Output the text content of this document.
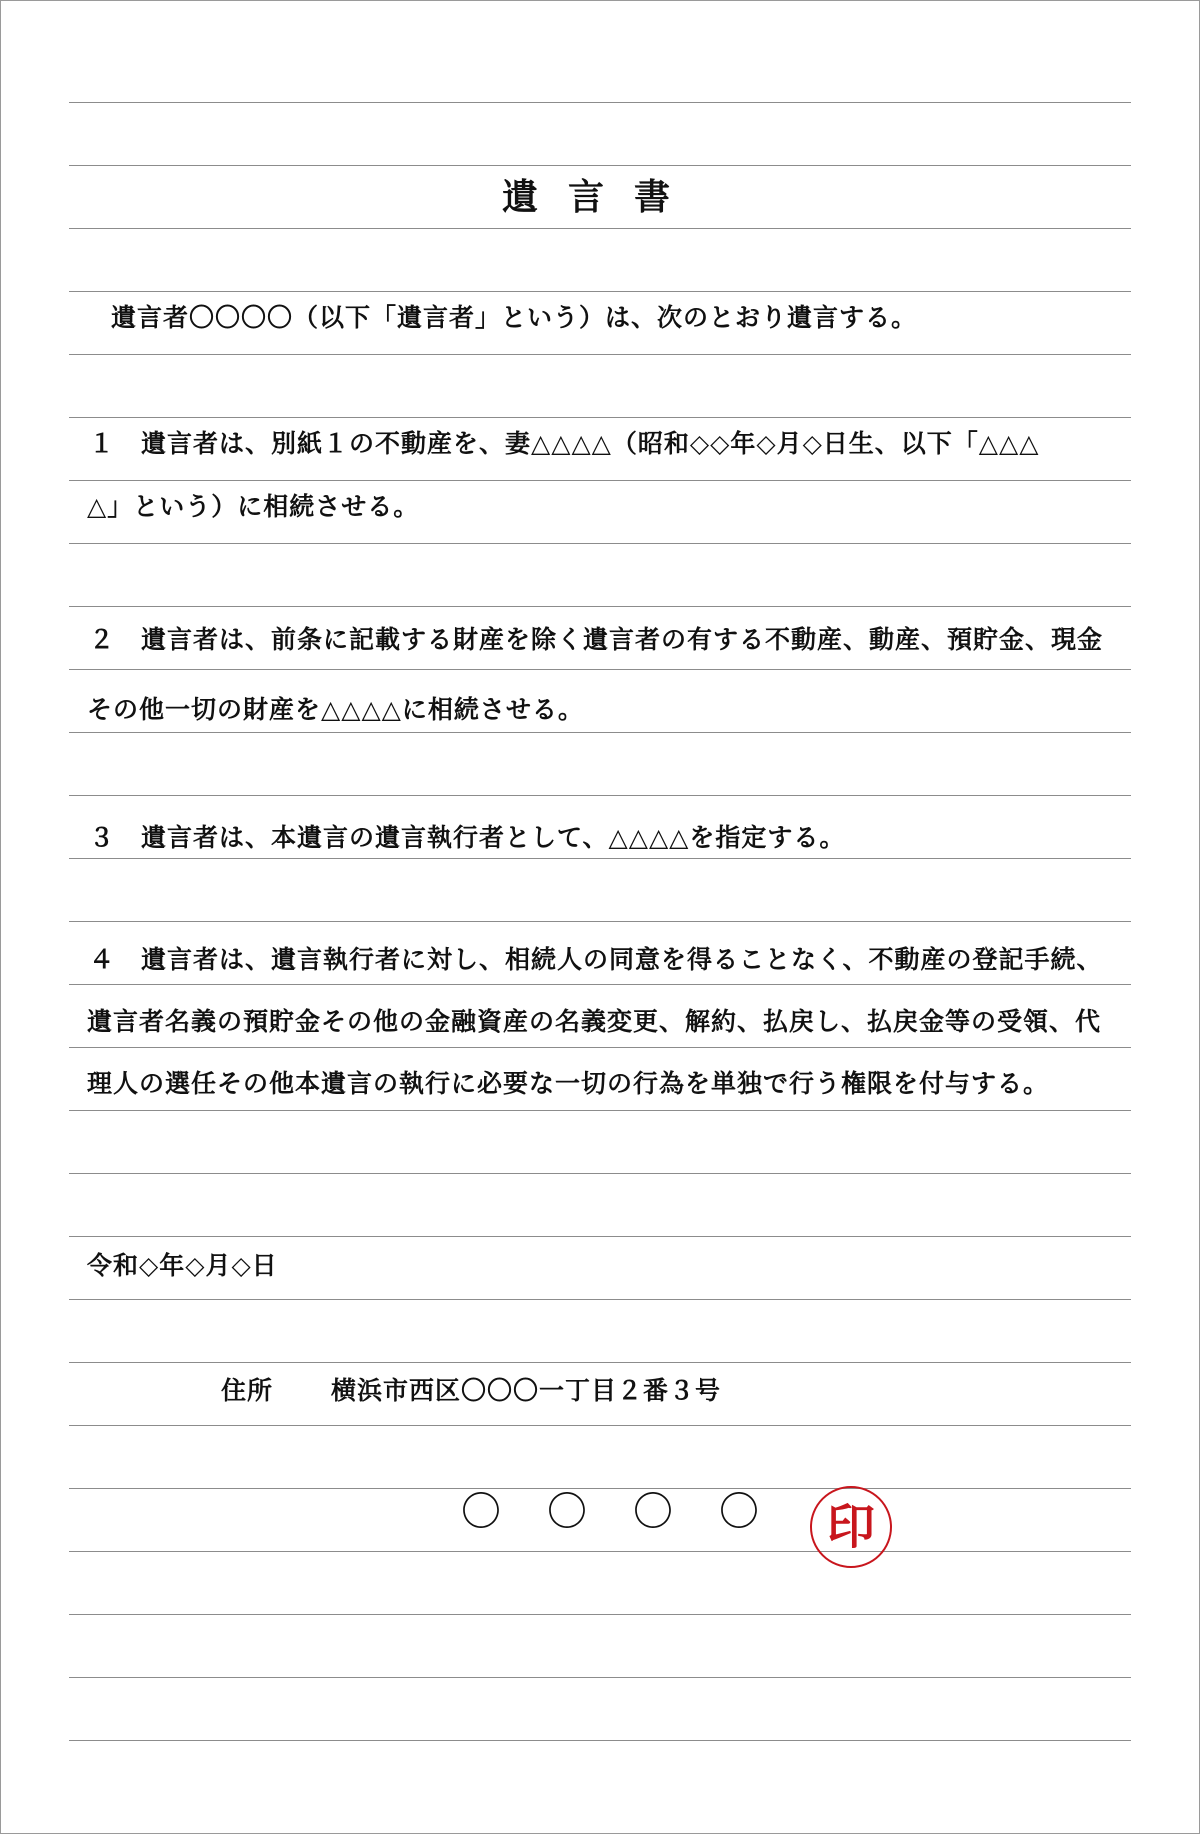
遺言書
遺言者〇〇〇〇（以下「遺言者」という）は、次のとおり遺言する。
１ 遺言者は、別紙１の不動産を、妻△△△△（昭和◇◇年◇月◇日生、以下「△△△
△」という）に相続させる。
２ 遺言者は、前条に記載する財産を除く遺言者の有する不動産、動産、預貯金、現金
その他一切の財産を△△△△に相続させる。
３ 遺言者は、本遺言の遺言執行者として、△△△△を指定する。
４ 遺言者は、遺言執行者に対し、相続人の同意を得ることなく、不動産の登記手続、
遺言者名義の預貯金その他の金融資産の名義変更、解約、払戻し、払戻金等の受領、代
理人の選任その他本遺言の執行に必要な一切の行為を単独で行う権限を付与する。
令和◇年◇月◇日
住所 横浜市西区〇〇〇一丁目２番３号
〇〇〇〇 印
